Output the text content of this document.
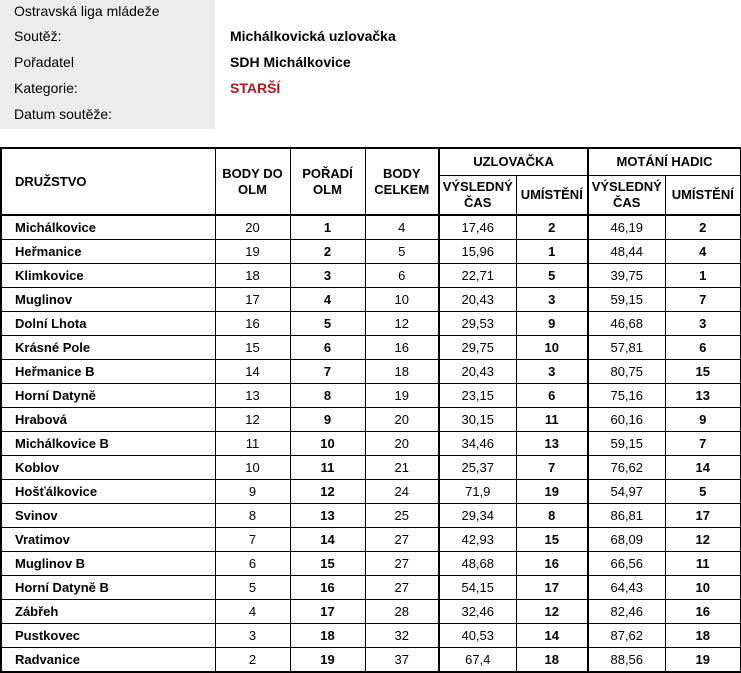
Ostravská liga mládeže
Soutěž:	Michálkovická uzlovačka
Pořadatel	SDH Michálkovice
Kategorie:	STARŠÍ
Datum soutěže:
DRUŽSTVO	BODY DO OLM	POŘADÍ OLM	BODY CELKEM	UZLOVAČKA		MOTÁNÍ HADIC	
				VÝSLEDNÝ ČAS	UMÍSTĚNÍ	VÝSLEDNÝ ČAS	UMÍSTĚNÍ
Michálkovice	20	1	4	17,46	2	46,19	2
Heřmanice	19	2	5	15,96	1	48,44	4
Klimkovice	18	3	6	22,71	5	39,75	1
Muglinov	17	4	10	20,43	3	59,15	7
Dolní Lhota	16	5	12	29,53	9	46,68	3
Krásné Pole	15	6	16	29,75	10	57,81	6
Heřmanice B	14	7	18	20,43	3	80,75	15
Horní Datyně	13	8	19	23,15	6	75,16	13
Hrabová	12	9	20	30,15	11	60,16	9
Michálkovice B	11	10	20	34,46	13	59,15	7
Koblov	10	11	21	25,37	7	76,62	14
Hošťálkovice	9	12	24	71,9	19	54,97	5
Svinov	8	13	25	29,34	8	86,81	17
Vratimov	7	14	27	42,93	15	68,09	12
Muglinov B	6	15	27	48,68	16	66,56	11
Horní Datyně B	5	16	27	54,15	17	64,43	10
Zábřeh	4	17	28	32,46	12	82,46	16
Pustkovec	3	18	32	40,53	14	87,62	18
Radvanice	2	19	37	67,4	18	88,56	19
